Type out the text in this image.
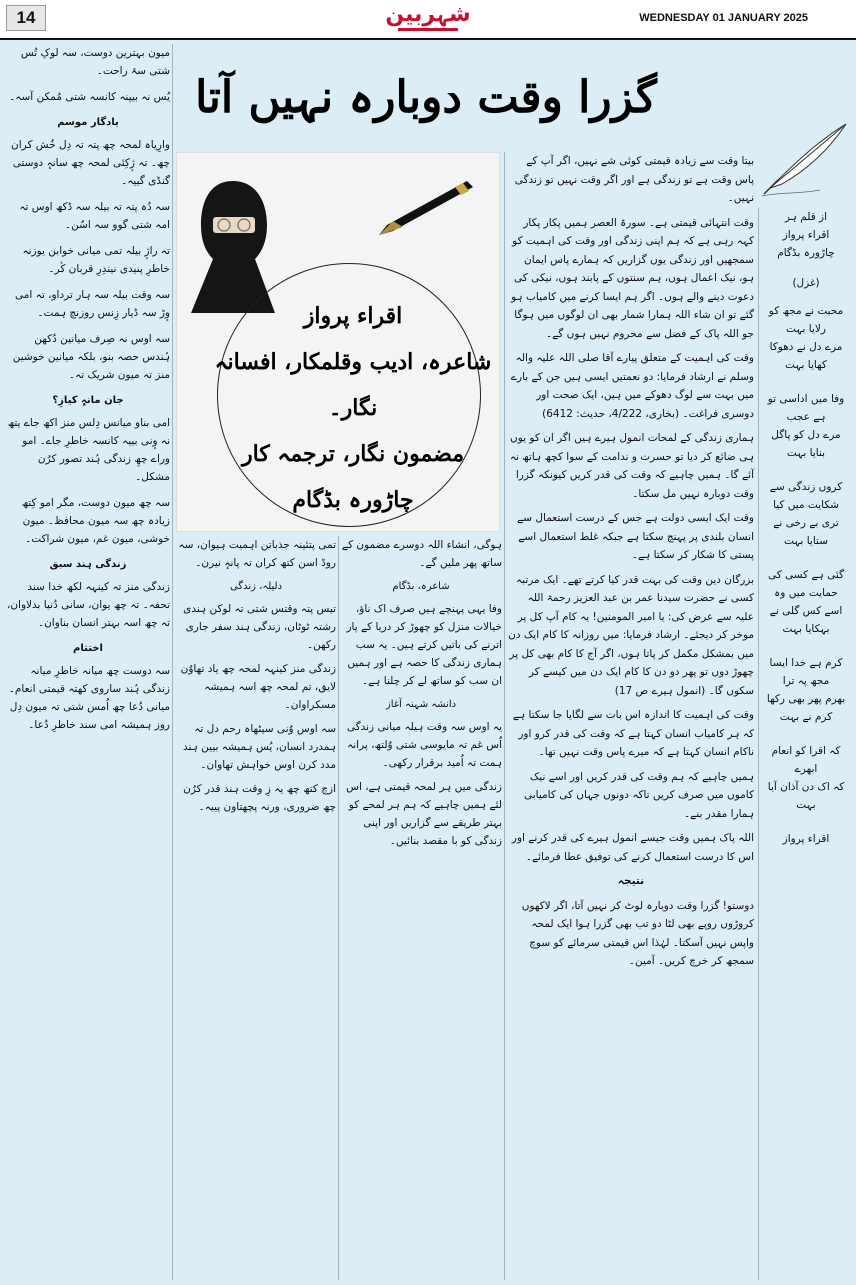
14	شہربین	WEDNESDAY 01 JANUARY 2025
گزرا وقت دوبارہ نہیں آتا
اقراء پرواز
شاعرہ، ادیب وقلمکار، افسانہ نگار۔
مضمون نگار، ترجمہ کار
چاڑورہ بڈگام
از قلم ہر
اقراء پرواز
چاڑورہ بڈگام
(غزل)
محبت نے مجھ کو رلایا بہت
مرے دل نے دھوکا کھایا بہت
وفا میں اداسی تو ہے عجب
مرے دل کو پاگل بنایا بہت
کروں زندگی سے شکایت میں کیا
تری بے رخی نے ستایا بہت
گئی ہے کسی کی حمایت میں وہ
اسے کس گلی نے بہکایا بہت
کرم ہے خدا ایسا مجھ پہ ترا
بھرم پھر بھی رکھا کرم نے بہت
کہ اقرا کو انعام ابھرے
کہ اک دن آذان آیا بہت
اقراء پرواز

بیتا وقت سے زیادہ قیمتی کوئی شے نہیں، اگر آپ کے پاس وقت ہے تو زندگی ہے اور اگر وقت نہیں تو زندگی نہیں۔

وقت انتہائی قیمتی ہے۔ سورۃ العصر ہمیں پکار پکار کہہ رہی ہے کہ ہم اپنی زندگی اور وقت کی اہمیت کو سمجھیں اور زندگی یوں گزاریں کہ ہمارے پاس ایمان ہو، نیک اعمال ہوں، ہم سنتوں کے پابند ہوں، نیکی کی دعوت دینے والے ہوں۔ اگر ہم ایسا کرنے میں کامیاب ہو گئے تو ان شاء اللہ ہمارا شمار بھی ان لوگوں میں ہوگا جو اللہ پاک کے فضل سے محروم نہیں ہوں گے۔

وقت کی اہمیت کے متعلق پیارے آقا صلی اللہ علیہ والہ وسلم نے ارشاد فرمایا: دو نعمتیں ایسی ہیں جن کے بارے میں بہت سے لوگ دھوکے میں ہیں، ایک صحت اور دوسری فراغت۔ (بخاری، 4/222، حدیث: 6412)

ہماری زندگی کے لمحات انمول ہیرے ہیں اگر ان کو یوں ہی ضائع کر دیا تو حسرت و ندامت کے سوا کچھ ہاتھ نہ آئے گا۔ ہمیں چاہیے کہ وقت کی قدر کریں کیونکہ گزرا وقت دوبارہ نہیں مل سکتا۔

وقت ایک ایسی دولت ہے جس کے درست استعمال سے انسان بلندی پر پہنچ سکتا ہے جبکہ غلط استعمال اسے پستی کا شکار کر سکتا ہے۔

بزرگان دین وقت کی بہت قدر کیا کرتے تھے۔ ایک مرتبہ کسی نے حضرت سیدنا عمر بن عبد العزیز رحمۃ اللہ علیہ سے عرض کی: یا امیر المومنین! یہ کام آپ کل پر موخر کر دیجئے۔ ارشاد فرمایا: میں روزانہ کا کام ایک دن میں بمشکل مکمل کر پاتا ہوں، اگر آج کا کام بھی کل پر چھوڑ دوں تو پھر دو دن کا کام ایک دن میں کیسے کر سکوں گا۔ (انمول ہیرے ص 17)

وقت کی اہمیت کا اندازہ اس بات سے لگایا جا سکتا ہے کہ ہر کامیاب انسان کہتا ہے کہ وقت کی قدر کرو اور ناکام انسان کہتا ہے کہ میرے پاس وقت نہیں تھا۔

ہمیں چاہیے کہ ہم وقت کی قدر کریں اور اسے نیک کاموں میں صرف کریں تاکہ دونوں جہاں کی کامیابی ہمارا مقدر بنے۔

اللہ پاک ہمیں وقت جیسے انمول ہیرے کی قدر کرنے اور اس کا درست استعمال کرنے کی توفیق عطا فرمائے۔

نتیجہ

دوستو! گزرا وقت دوبارہ لوٹ کر نہیں آتا، اگر لاکھوں کروڑوں روپے بھی لٹا دو تب بھی گزرا ہوا ایک لمحہ واپس نہیں آسکتا۔ لہٰذا اس قیمتی سرمائے کو سوچ سمجھ کر خرچ کریں۔ آمین۔

ہوگی، انشاء اللہ دوسرے مضمون کے ساتھ پھر ملیں گے۔

شاعرہ، بڈگام

وفا یہی پہنچے ہیں صرف اک ناؤ، خیالات منزل کو چھوڑ کر دریا کے پار اترنے کی باتیں کرتے ہیں۔ یہ سب ہماری زندگی کا حصہ ہے اور ہمیں ان سب کو ساتھ لے کر چلنا ہے۔

دانشہ شہنہ آغاز

یہ اوس سہ وقت ہیلہ میانی زندگی اُس غم تہ مایوسی شتی وُلتھ، پرانہ ہمت تہ اُمید برقرار رکھی۔

زندگی میں ہر لمحہ قیمتی ہے، اس لئے ہمیں چاہیے کہ ہم ہر لمحے کو بہتر طریقے سے گزاریں اور اپنی زندگی کو با مقصد بنائیں۔

تمی پتئینہ جذباتن اہمیت ہیوان، سہ روڈ اسن کتھ کران تہ پانہٕ نیرن۔

دلیلہ، زندگی

تیس پتہ وقتس شتی تہ لوکن ہندی رشتہ ٹوٹان، زندگی ہند سفر جاری رکھن۔

زندگی منز کینہہ لمحہ چھ یاد تھاوُن لایق، تم لمحہ چھ اسہ ہمیشہ مسکراوان۔

سہ اوس وُنی سیٹھاہ رحم دل تہ ہمدرد انسان، یُس ہمیشہ بیین ہند مدد کرن اوس خواہش تھاوان۔

ازچ کتھ چھ یہ زِ وقت ہند قدر کرُن چھ ضروری، ورنہ پچھتاون پییہ۔

میون بہترین دوست، سہ لوکِ تُس شتی سۂ راحت۔

یُس نہ بیپنہ کانسہ شتی مُمکن آسہ۔

یادگار موسم

وارِیاہ لمحہ چھ پتہ تہ دِل خُش کران چھ۔ تہ ژٕکِئی لمحہ چھ سانہٕ دوستی گنڈی گییہ۔

سہ دُہ پتہ تہ بیلہ سہ ڈکھ اوس تہ امہ شتی گوو سہ اسُن۔

تہ راژٕ بیلہ تمی میانی خوابن یوزنہ خاطرِ پنیدی نیندِرِ قربان کٔر۔

سہ وقت بیلہ سہ ہار ترداو، تہ امی وٕڑ سہ ڈیار زِنس روزنچ ہمت۔

سہ اوس نہ صِرف میانین دُکھن ہُندس حصہ بنو، بلکہ میانین خوشین منز تہ میون شریک تہ۔

جان مانہٕ کیازِ؟

امی بناو میانس دِلس منز اکھ جاے یتھ نہ وٕنی بییہ کانسہ خاطرِ جاے۔ امو وراے چھِ زندگی ہُند تصور کرُن مشکل۔

سہ چھ میون دوست، مگر امو کِتھ زیادہ چھ سہ میون محافظ۔ میون خوشی، میون غم، میون شراکت۔

زندگی ہند سبق

زندگی منز تہ کینہہ لکھ خدا سند تحفہ۔ تہ چھ یوان، سانی دُنیا بدلاوان، تہ چھ اسہ بہتر انسان بناوان۔

اختتام

سہ دوست چھ میانہ خاطرِ میانہ زندگی ہُند ساروی کھتہ قیمتی انعام۔ میانی دُعا چھ اُمس شتی تہ میون دِل روز ہمیشہ امی سند خاطرِ دُعا۔
